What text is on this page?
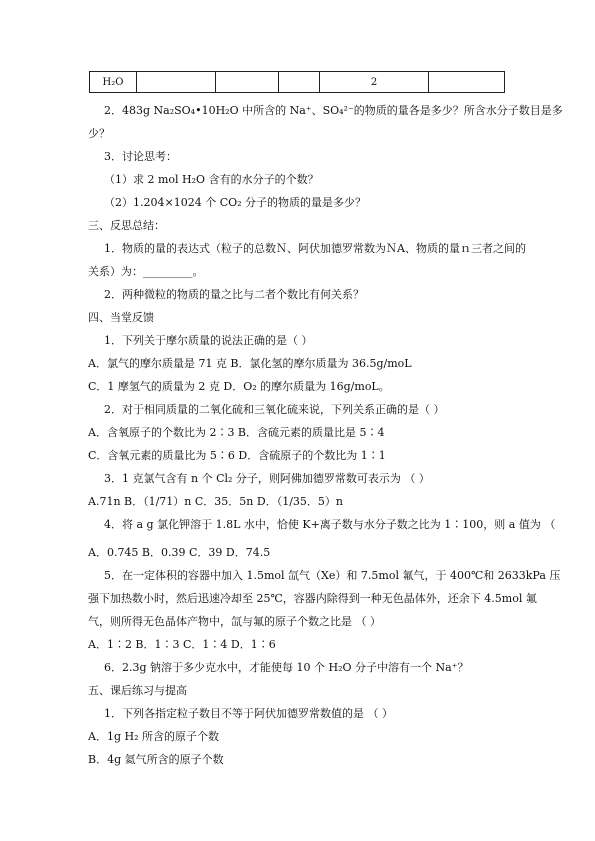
H₂O				2	
2．483g Na₂SO₄•10H₂O 中所含的 Na⁺、SO₄²⁻的物质的量各是多少？所含水分子数目是多
少？
3．讨论思考：
（1）求 2 mol H₂O 含有的水分子的个数？
（2）1.204×1024 个 CO₂ 分子的物质的量是多少？
三、反思总结：
1．物质的量的表达式（粒子的总数Ｎ、阿伏加德罗常数为ＮA、物质的量ｎ三者之间的
关系）为：_________。
2．两种微粒的物质的量之比与二者个数比有何关系？
四、当堂反馈
1．下列关于摩尔质量的说法正确的是（ ）
A．氯气的摩尔质量是 71 克 B．氯化氢的摩尔质量为 36.5g/moL
C．1 摩氢气的质量为 2 克 D．O₂ 的摩尔质量为 16g/moL。
2．对于相同质量的二氧化硫和三氧化硫来说，下列关系正确的是（ ）
A．含氧原子的个数比为 2∶3 B．含硫元素的质量比是 5∶4
C．含氧元素的质量比为 5∶6 D．含硫原子的个数比为 1∶1
3．1 克氯气含有 n 个 Cl₂ 分子，则阿佛加德罗常数可表示为 （ ）
A.71n B．（1/71）n C．35．5n D．（1/35．5）n
4．将 a g 氯化钾溶于 1.8L 水中，恰使 K+离子数与水分子数之比为 1∶100，则 a 值为 （
A．0.745 B．0.39 C．39 D．74.5
5．在一定体积的容器中加入 1.5mol 氙气（Xe）和 7.5mol 氟气，于 400℃和 2633kPa 压
强下加热数小时，然后迅速冷却至 25℃，容器内除得到一种无色晶体外，还余下 4.5mol 氟
气，则所得无色晶体产物中，氙与氟的原子个数之比是 （ ）
A．1∶2 B．1∶3 C．1∶4 D．1∶6
6．2.3g 钠溶于多少克水中，才能使每 10 个 H₂O 分子中溶有一个 Na⁺？
五、课后练习与提高
1．下列各指定粒子数目不等于阿伏加德罗常数值的是 （ ）
A．1g H₂ 所含的原子个数
B．4g 氦气所含的原子个数
